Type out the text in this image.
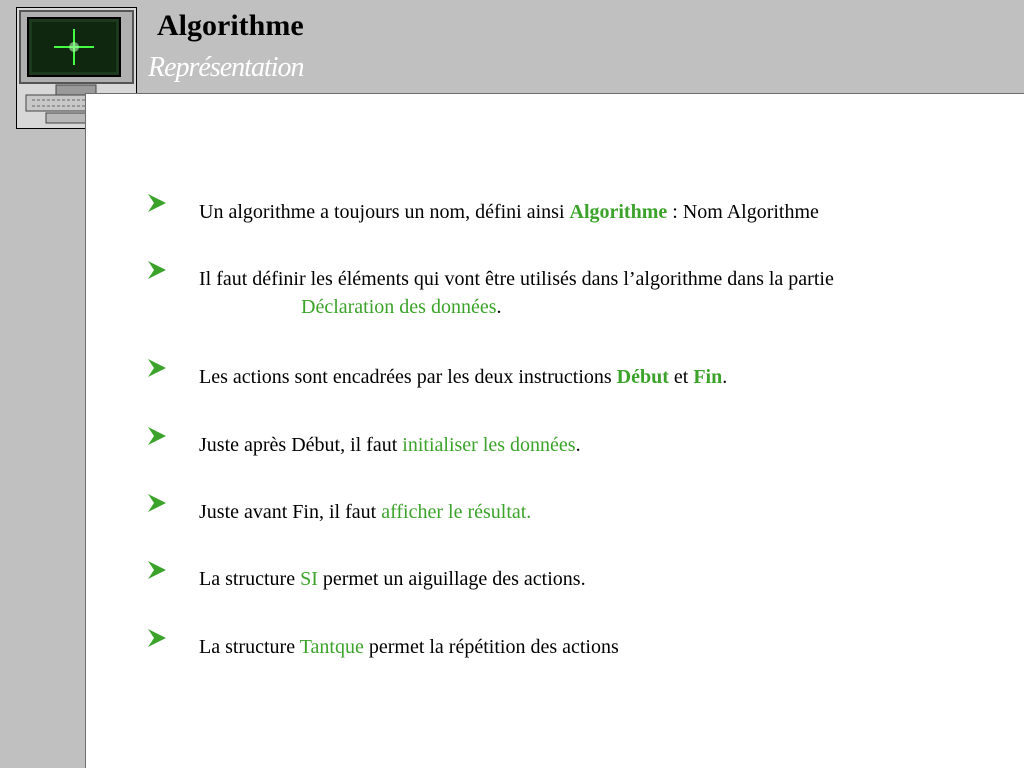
Algorithme
Représentation
Un algorithme a toujours un nom, défini ainsi Algorithme : Nom Algorithme
Il faut définir les éléments qui vont être utilisés dans l’algorithme dans la partie
Déclaration des données.
Les actions sont encadrées par les deux instructions Début et Fin.
Juste après Début, il faut initialiser les données.
Juste avant Fin, il faut afficher le résultat.
La structure SI permet un aiguillage des actions.
La structure Tantque permet la répétition des actions
